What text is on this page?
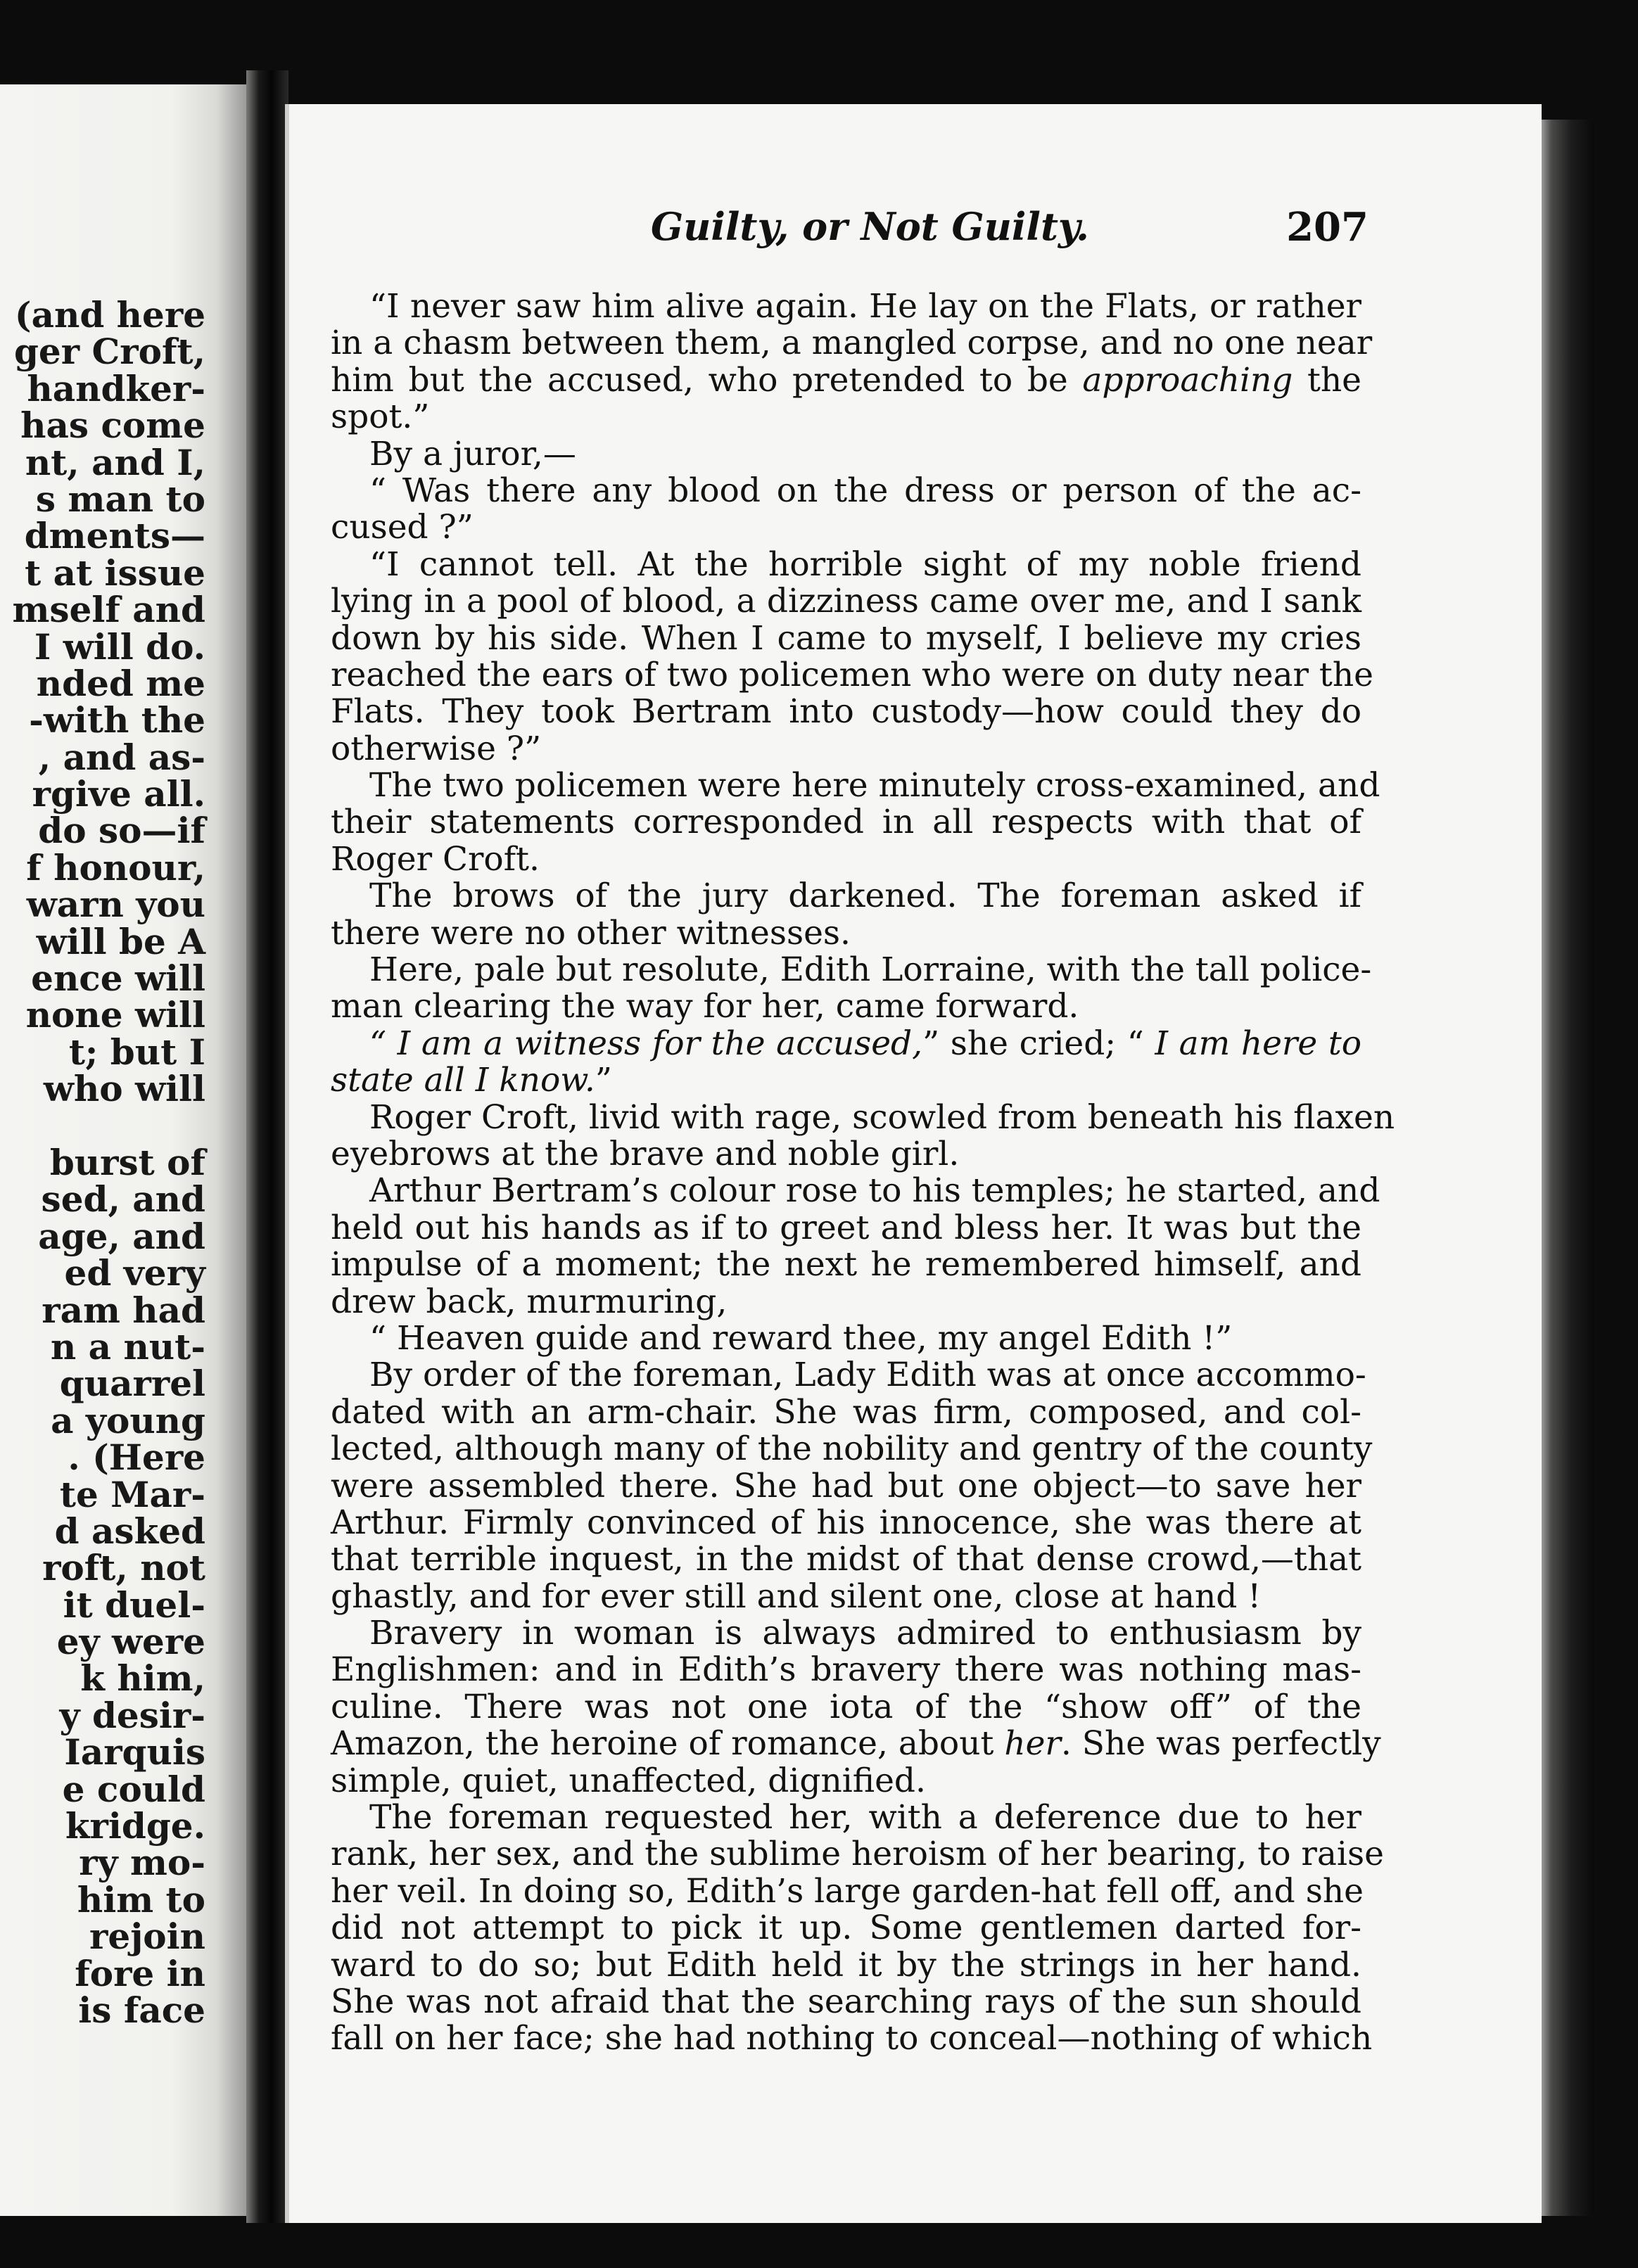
(and here
ger Croft,
handker-
has come
nt, and I,
s man to
dments—
t at issue
mself and
I will do.
nded me
-with the
, and as-
rgive all.
do so—if
f honour,
warn you
will be A
ence will
none will
t; but I
who will
burst of
sed, and
age, and
ed very
ram had
n a nut-
quarrel
a young
. (Here
te Mar-
d asked
roft, not
it duel-
ey were
k him,
y desir-
Iarquis
e could
kridge.
ry mo-
him to
rejoin
fore in
is face
Guilty, or Not Guilty.	207
“I never saw him alive again. He lay on the Flats, or rather
in a chasm between them, a mangled corpse, and no one near
him but the accused, who pretended to be approaching the
spot.”
By a juror,—
“ Was there any blood on the dress or person of the ac-
cused ?”
“I cannot tell. At the horrible sight of my noble friend
lying in a pool of blood, a dizziness came over me, and I sank
down by his side. When I came to myself, I believe my cries
reached the ears of two policemen who were on duty near the
Flats. They took Bertram into custody—how could they do
otherwise ?”
The two policemen were here minutely cross-examined, and
their statements corresponded in all respects with that of
Roger Croft.
The brows of the jury darkened. The foreman asked if
there were no other witnesses.
Here, pale but resolute, Edith Lorraine, with the tall police-
man clearing the way for her, came forward.
“ I am a witness for the accused,” she cried; “ I am here to
state all I know.”
Roger Croft, livid with rage, scowled from beneath his flaxen
eyebrows at the brave and noble girl.
Arthur Bertram’s colour rose to his temples; he started, and
held out his hands as if to greet and bless her. It was but the
impulse of a moment; the next he remembered himself, and
drew back, murmuring,
“ Heaven guide and reward thee, my angel Edith !”
By order of the foreman, Lady Edith was at once accommo-
dated with an arm-chair. She was firm, composed, and col-
lected, although many of the nobility and gentry of the county
were assembled there. She had but one object—to save her
Arthur. Firmly convinced of his innocence, she was there at
that terrible inquest, in the midst of that dense crowd,—that
ghastly, and for ever still and silent one, close at hand !
Bravery in woman is always admired to enthusiasm by
Englishmen: and in Edith’s bravery there was nothing mas-
culine. There was not one iota of the “show off” of the
Amazon, the heroine of romance, about her. She was perfectly
simple, quiet, unaffected, dignified.
The foreman requested her, with a deference due to her
rank, her sex, and the sublime heroism of her bearing, to raise
her veil. In doing so, Edith’s large garden-hat fell off, and she
did not attempt to pick it up. Some gentlemen darted for-
ward to do so; but Edith held it by the strings in her hand.
She was not afraid that the searching rays of the sun should
fall on her face; she had nothing to conceal—nothing of which
